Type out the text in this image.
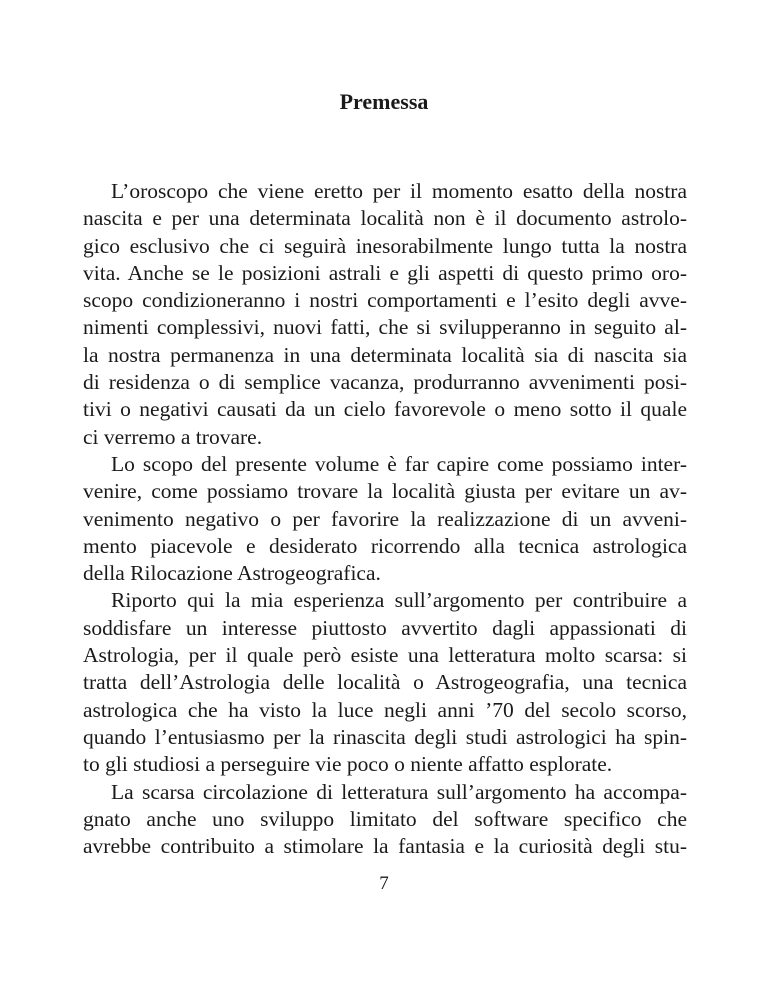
Premessa
L’oroscopo che viene eretto per il momento esatto della nostra
nascita e per una determinata località non è il documento astrolo-
gico esclusivo che ci seguirà inesorabilmente lungo tutta la nostra
vita. Anche se le posizioni astrali e gli aspetti di questo primo oro-
scopo condizioneranno i nostri comportamenti e l’esito degli avve-
nimenti complessivi, nuovi fatti, che si svilupperanno in seguito al-
la nostra permanenza in una determinata località sia di nascita sia
di residenza o di semplice vacanza, produrranno avvenimenti posi-
tivi o negativi causati da un cielo favorevole o meno sotto il quale
ci verremo a trovare.
Lo scopo del presente volume è far capire come possiamo inter-
venire, come possiamo trovare la località giusta per evitare un av-
venimento negativo o per favorire la realizzazione di un avveni-
mento piacevole e desiderato ricorrendo alla tecnica astrologica
della Rilocazione Astrogeografica.
Riporto qui la mia esperienza sull’argomento per contribuire a
soddisfare un interesse piuttosto avvertito dagli appassionati di
Astrologia, per il quale però esiste una letteratura molto scarsa: si
tratta dell’Astrologia delle località o Astrogeografia, una tecnica
astrologica che ha visto la luce negli anni ’70 del secolo scorso,
quando l’entusiasmo per la rinascita degli studi astrologici ha spin-
to gli studiosi a perseguire vie poco o niente affatto esplorate.
La scarsa circolazione di letteratura sull’argomento ha accompa-
gnato anche uno sviluppo limitato del software specifico che
avrebbe contribuito a stimolare la fantasia e la curiosità degli stu-
7
